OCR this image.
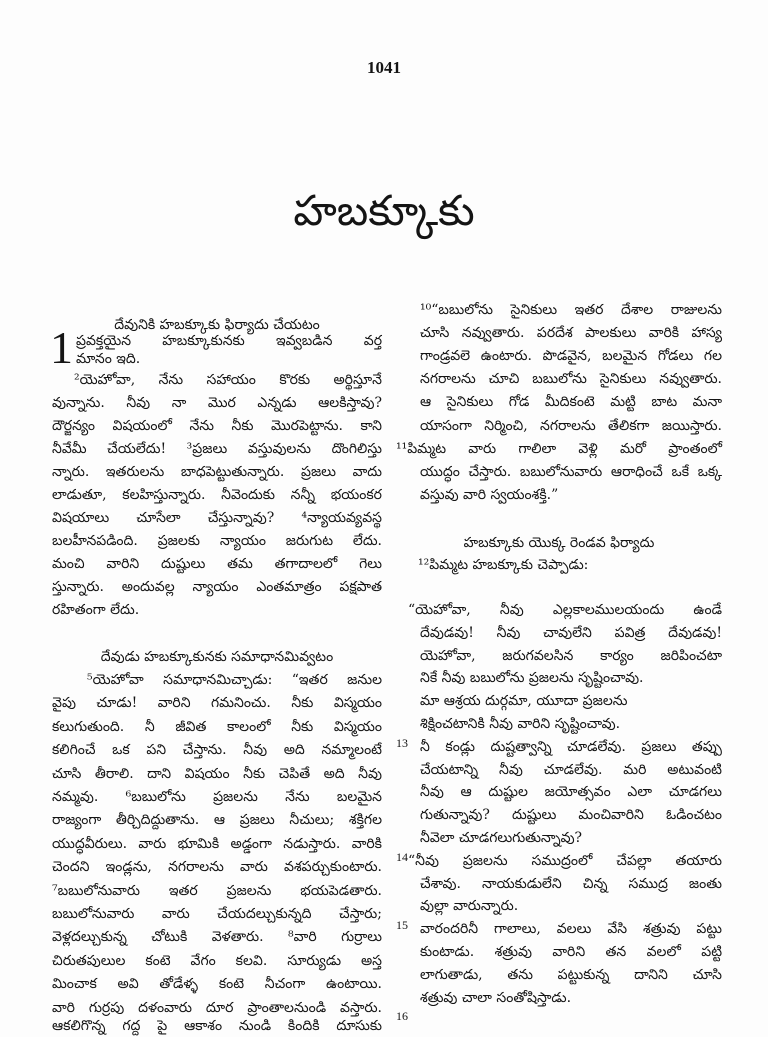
1041
హబక్కూకు
దేవునికి హబక్కూకు ఫిర్యాదు చేయటం
1 ప్రవక్తయైన హబక్కూకునకు ఇవ్వబడిన వర్త
మానం ఇది.
²యెహోవా, నేను సహాయం కొరకు అర్థిస్తూనే
వున్నాను. నీవు నా మొర ఎన్నడు ఆలకిస్తావు?
దౌర్జన్యం విషయంలో నేను నీకు మొరపెట్టాను. కాని
నీవేమీ చేయలేదు! ³ప్రజలు వస్తువులను దొంగిలిస్తు
న్నారు. ఇతరులను బాధపెట్టుతున్నారు. ప్రజలు వాదు
లాడుతూ, కలహిస్తున్నారు. నీవెందుకు నన్నీ భయంకర
విషయాలు చూసేలా చేస్తున్నావు? ⁴న్యాయవ్యవస్థ
బలహీనపడింది. ప్రజలకు న్యాయం జరుగుట లేదు.
మంచి వారిని దుష్టులు తమ తగాదాలలో గెలు
స్తున్నారు. అందువల్ల న్యాయం ఎంతమాత్రం పక్షపాత
రహితంగా లేదు.
దేవుడు హబక్కూకునకు సమాధానమివ్వటం
⁵యెహోవా సమాధానమిచ్చాడు: “ఇతర జనుల
వైపు చూడు! వారిని గమనించు. నీకు విస్మయం
కలుగుతుంది. నీ జీవిత కాలంలో నీకు విస్మయం
కలిగించే ఒక పని చేస్తాను. నీవు అది నమ్మాలంటే
చూసి తీరాలి. దాని విషయం నీకు చెపితే అది నీవు
నమ్మవు. ⁶బబులోను ప్రజలను నేను బలమైన
రాజ్యంగా తీర్చిదిద్దుతాను. ఆ ప్రజలు నీచులు; శక్తిగల
యుద్ధవీరులు. వారు భూమికి అడ్డంగా నడుస్తారు. వారికి
చెందని ఇండ్లను, నగరాలను వారు వశపర్చుకుంటారు.
⁷బబులోనువారు ఇతర ప్రజలను భయపెడతారు.
బబులోనువారు వారు చేయదల్చుకున్నది చేస్తారు;
వెళ్లదల్చుకున్న చోటుకి వెళతారు. ⁸వారి గుర్రాలు
చిరుతపులుల కంటె వేగం కలవి. సూర్యుడు అస్త
మించాక అవి తోడేళ్ళ కంటె నీచంగా ఉంటాయి.
వారి గుర్రపు దళంవారు దూర ప్రాంతాలనుండి వస్తారు.
ఆకలిగొన్న గద్ద పై ఆకాశం నుండి కిందికి దూసుకు
¹⁰“బబులోను సైనికులు ఇతర దేశాల రాజులను
చూసి నవ్వుతారు. పరదేశ పాలకులు వారికి హాస్య
గాండ్రవలె ఉంటారు. పొడవైన, బలమైన గోడలు గల
నగరాలను చూచి బబులోను సైనికులు నవ్వుతారు.
ఆ సైనికులు గోడ మీదికంటె మట్టి బాట మనా
యాసంగా నిర్మించి, నగరాలను తేలికగా జయిస్తారు.
¹¹పిమ్మట వారు గాలిలా వెళ్లి మరో ప్రాంతంలో
యుద్ధం చేస్తారు. బబులోనువారు ఆరాధించే ఒకే ఒక్క
వస్తువు వారి స్వయంశక్తి.”
హబక్కూకు యొక్క రెండవ ఫిర్యాదు
¹²పిమ్మట హబక్కూకు చెప్పాడు:
“యెహోవా, నీవు ఎల్లకాలములయందు ఉండే
దేవుడవు! నీవు చావులేని పవిత్ర దేవుడవు!
యెహోవా, జరుగవలసిన కార్యం జరిపించటా
నికే నీవు బబులోను ప్రజలను సృష్టించావు.
మా ఆశ్రయ దుర్గమా, యూదా ప్రజలను
శిక్షించటానికి నీవు వారిని సృష్టించావు.
13 నీ కండ్లు దుష్టత్వాన్ని చూడలేవు. ప్రజలు తప్పు
చేయటాన్ని నీవు చూడలేవు. మరి అటువంటి
నీవు ఆ దుష్టుల జయోత్సవం ఎలా చూడగలు
గుతున్నావు? దుష్టులు మంచివారిని ఓడించటం
నీవెలా చూడగలుగుతున్నావు?
14 “నీవు ప్రజలను సముద్రంలో చేపల్లా తయారు
చేశావు. నాయకుడులేని చిన్న సముద్ర జంతు
వుల్లా వారున్నారు.
15 వారందరినీ గాలాలు, వలలు వేసి శత్రువు పట్టు
కుంటాడు. శత్రువు వారిని తన వలలో పట్టి
లాగుతాడు, తను పట్టుకున్న దానిని చూసి
శత్రువు చాలా సంతోషిస్తాడు.
16
